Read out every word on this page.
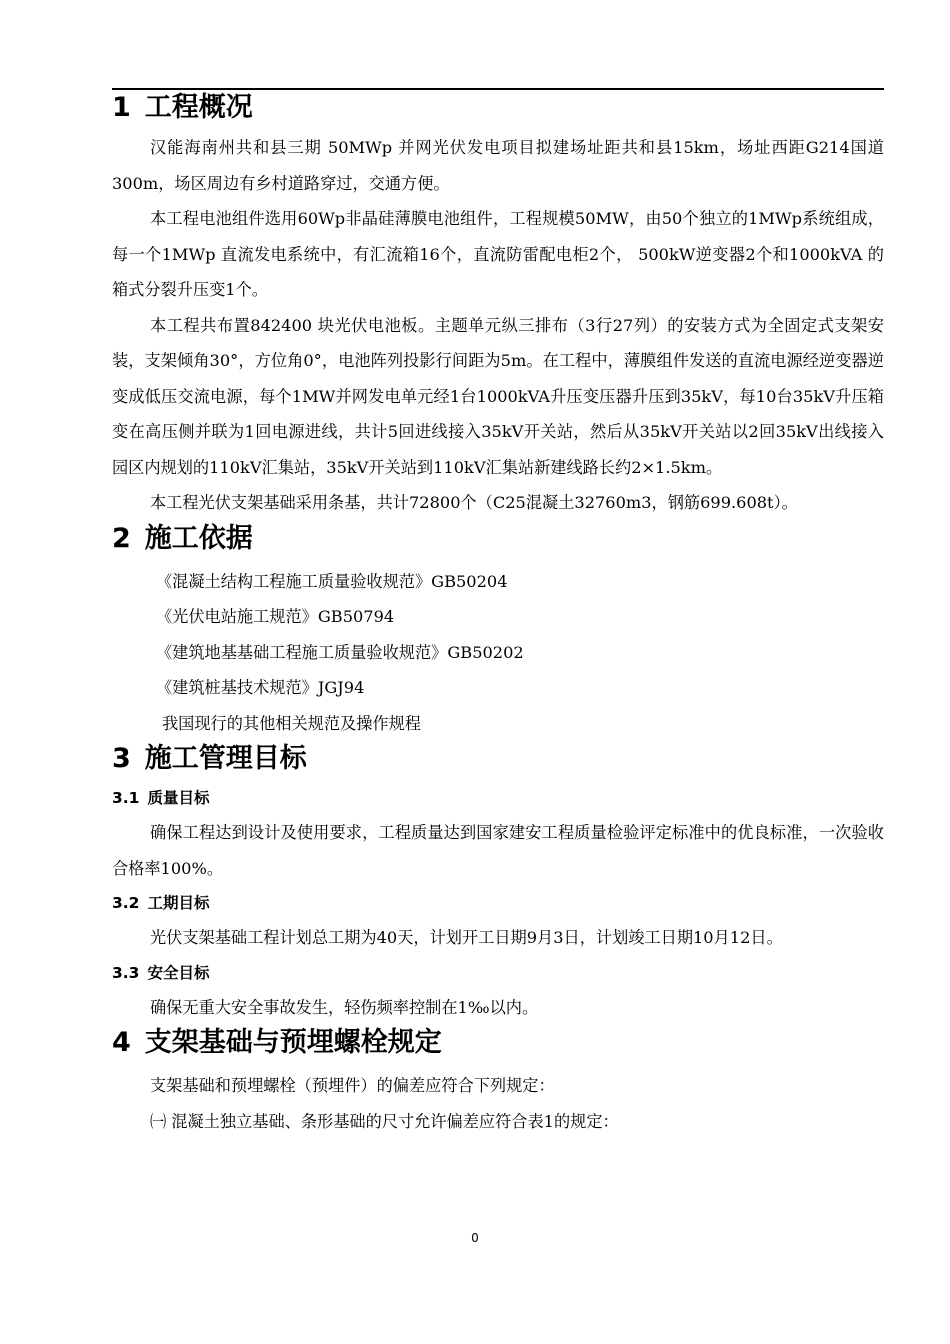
1 工程概况

汉能海南州共和县三期 50MWp 并网光伏发电项目拟建场址距共和县15km，场址西距G214国道300m，场区周边有乡村道路穿过，交通方便。

本工程电池组件选用60Wp非晶硅薄膜电池组件，工程规模50MW，由50个独立的1MWp系统组成，每一个1MWp 直流发电系统中，有汇流箱16个，直流防雷配电柜2个， 500kW逆变器2个和1000kVA 的箱式分裂升压变1个。

本工程共布置842400 块光伏电池板。主题单元纵三排布（3行27列）的安装方式为全固定式支架安装，支架倾角30°，方位角0°，电池阵列投影行间距为5m。在工程中，薄膜组件发送的直流电源经逆变器逆变成低压交流电源，每个1MW并网发电单元经1台1000kVA升压变压器升压到35kV，每10台35kV升压箱变在高压侧并联为1回电源进线，共计5回进线接入35kV开关站，然后从35kV开关站以2回35kV出线接入园区内规划的110kV汇集站，35kV开关站到110kV汇集站新建线路长约2×1.5km。

本工程光伏支架基础采用条基，共计72800个（C25混凝土32760m3，钢筋699.608t）。

2 施工依据
《混凝土结构工程施工质量验收规范》GB50204
《光伏电站施工规范》GB50794
《建筑地基基础工程施工质量验收规范》GB50202
《建筑桩基技术规范》JGJ94
我国现行的其他相关规范及操作规程
3 施工管理目标
3.1 质量目标

确保工程达到设计及使用要求，工程质量达到国家建安工程质量检验评定标准中的优良标准，一次验收合格率100%。

3.2 工期目标

光伏支架基础工程计划总工期为40天，计划开工日期9月3日，计划竣工日期10月12日。

3.3 安全目标

确保无重大安全事故发生，轻伤频率控制在1‰以内。

4 支架基础与预埋螺栓规定

支架基础和预埋螺栓（预埋件）的偏差应符合下列规定：

㈠ 混凝土独立基础、条形基础的尺寸允许偏差应符合表1的规定：

0
